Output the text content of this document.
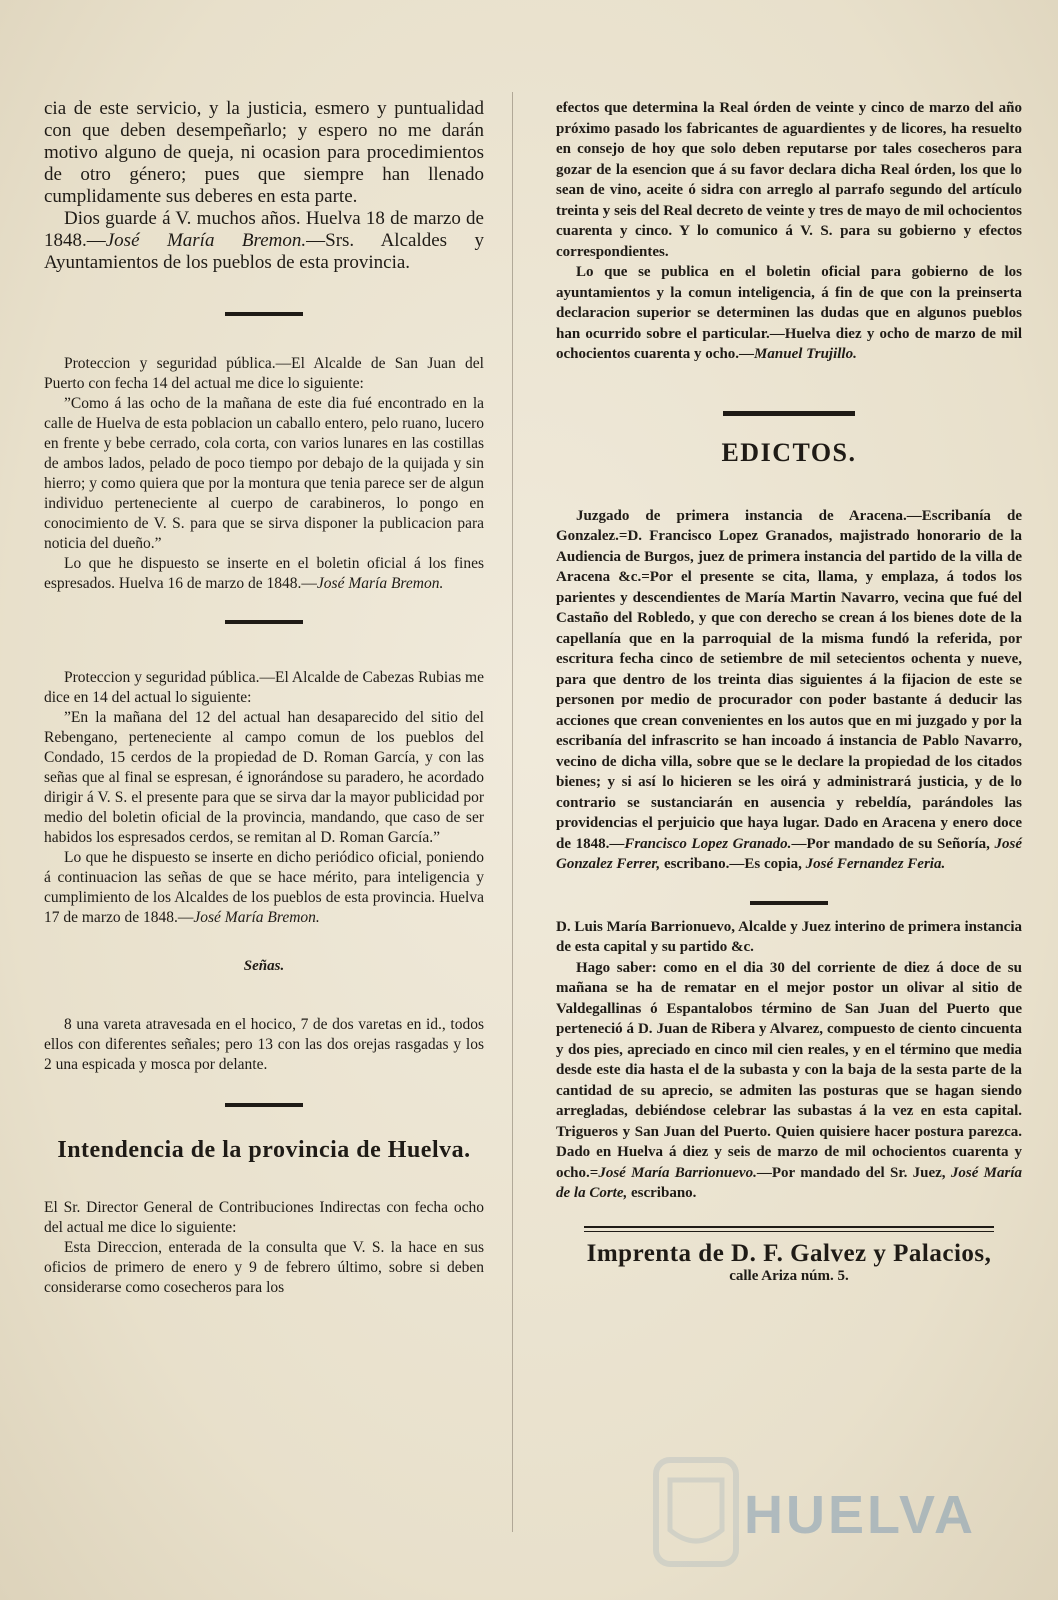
cia de este servicio, y la justicia, esmero y puntualidad con que deben desempeñarlo; y espero no me darán motivo alguno de queja, ni ocasion para procedimientos de otro género; pues que siempre han llenado cumplidamente sus deberes en esta parte.

Dios guarde á V. muchos años. Huelva 18 de marzo de 1848.—José María Bremon.—Srs. Alcaldes y Ayuntamientos de los pueblos de esta provincia.

Proteccion y seguridad pública.—El Alcalde de San Juan del Puerto con fecha 14 del actual me dice lo siguiente:

”Como á las ocho de la mañana de este dia fué encontrado en la calle de Huelva de esta poblacion un caballo entero, pelo ruano, lucero en frente y bebe cerrado, cola corta, con varios lunares en las costillas de ambos lados, pelado de poco tiempo por debajo de la quijada y sin hierro; y como quiera que por la montura que tenia parece ser de algun individuo perteneciente al cuerpo de carabineros, lo pongo en conocimiento de V. S. para que se sirva disponer la publicacion para noticia del dueño.”

Lo que he dispuesto se inserte en el boletin oficial á los fines espresados. Huelva 16 de marzo de 1848.—José María Bremon.

Proteccion y seguridad pública.—El Alcalde de Cabezas Rubias me dice en 14 del actual lo siguiente:

”En la mañana del 12 del actual han desaparecido del sitio del Rebengano, perteneciente al campo comun de los pueblos del Condado, 15 cerdos de la propiedad de D. Roman García, y con las señas que al final se espresan, é ignorándose su paradero, he acordado dirigir á V. S. el presente para que se sirva dar la mayor publicidad por medio del boletin oficial de la provincia, mandando, que caso de ser habidos los espresados cerdos, se remitan al D. Roman García.”

Lo que he dispuesto se inserte en dicho periódico oficial, poniendo á continuacion las señas de que se hace mérito, para inteligencia y cumplimiento de los Alcaldes de los pueblos de esta provincia. Huelva 17 de marzo de 1848.—José María Bremon.

Señas.

8 una vareta atravesada en el hocico, 7 de dos varetas en id., todos ellos con diferentes señales; pero 13 con las dos orejas rasgadas y los 2 una espicada y mosca por delante.

Intendencia de la provincia de Huelva.

El Sr. Director General de Contribuciones Indirectas con fecha ocho del actual me dice lo siguiente:

Esta Direccion, enterada de la consulta que V. S. la hace en sus oficios de primero de enero y 9 de febrero último, sobre si deben considerarse como cosecheros para los

efectos que determina la Real órden de veinte y cinco de marzo del año próximo pasado los fabricantes de aguardientes y de licores, ha resuelto en consejo de hoy que solo deben reputarse por tales cosecheros para gozar de la esencion que á su favor declara dicha Real órden, los que lo sean de vino, aceite ó sidra con arreglo al parrafo segundo del artículo treinta y seis del Real decreto de veinte y tres de mayo de mil ochocientos cuarenta y cinco. Y lo comunico á V. S. para su gobierno y efectos correspondientes.

Lo que se publica en el boletin oficial para gobierno de los ayuntamientos y la comun inteligencia, á fin de que con la preinserta declaracion superior se determinen las dudas que en algunos pueblos han ocurrido sobre el particular.—Huelva diez y ocho de marzo de mil ochocientos cuarenta y ocho.—Manuel Trujillo.

EDICTOS.

Juzgado de primera instancia de Aracena.—Escribanía de Gonzalez.=D. Francisco Lopez Granados, majistrado honorario de la Audiencia de Burgos, juez de primera instancia del partido de la villa de Aracena &c.=Por el presente se cita, llama, y emplaza, á todos los parientes y descendientes de María Martin Navarro, vecina que fué del Castaño del Robledo, y que con derecho se crean á los bienes dote de la capellanía que en la parroquial de la misma fundó la referida, por escritura fecha cinco de setiembre de mil setecientos ochenta y nueve, para que dentro de los treinta dias siguientes á la fijacion de este se personen por medio de procurador con poder bastante á deducir las acciones que crean convenientes en los autos que en mi juzgado y por la escribanía del infrascrito se han incoado á instancia de Pablo Navarro, vecino de dicha villa, sobre que se le declare la propiedad de los citados bienes; y si así lo hicieren se les oirá y administrará justicia, y de lo contrario se sustanciarán en ausencia y rebeldía, parándoles las providencias el perjuicio que haya lugar. Dado en Aracena y enero doce de 1848.—Francisco Lopez Granado.—Por mandado de su Señoría, José Gonzalez Ferrer, escribano.—Es copia, José Fernandez Feria.

D. Luis María Barrionuevo, Alcalde y Juez interino de primera instancia de esta capital y su partido &c.

Hago saber: como en el dia 30 del corriente de diez á doce de su mañana se ha de rematar en el mejor postor un olivar al sitio de Valdegallinas ó Espantalobos término de San Juan del Puerto que perteneció á D. Juan de Ribera y Alvarez, compuesto de ciento cincuenta y dos pies, apreciado en cinco mil cien reales, y en el término que media desde este dia hasta el de la subasta y con la baja de la sesta parte de la cantidad de su aprecio, se admiten las posturas que se hagan siendo arregladas, debiéndose celebrar las subastas á la vez en esta capital. Trigueros y San Juan del Puerto. Quien quisiere hacer postura parezca. Dado en Huelva á diez y seis de marzo de mil ochocientos cuarenta y ocho.=José María Barrionuevo.—Por mandado del Sr. Juez, José María de la Corte, escribano.

Imprenta de D. F. Galvez y Palacios,
calle Ariza núm. 5.
HUELVA
